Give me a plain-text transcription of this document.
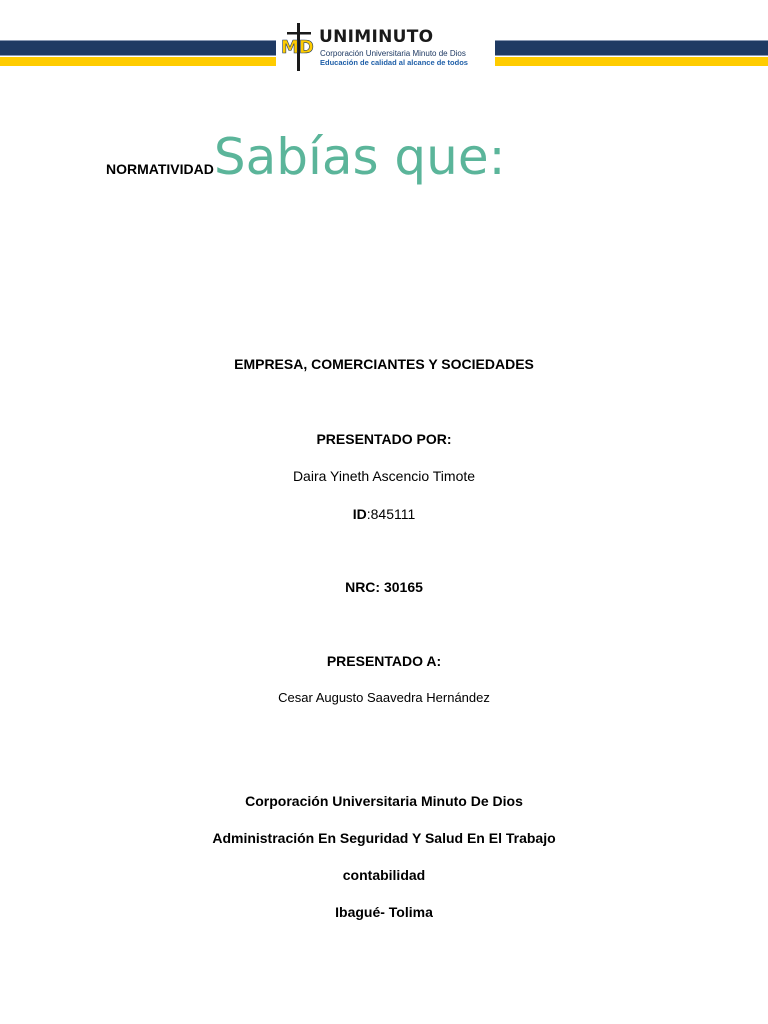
MD UNIMINUTO
Corporación Universitaria Minuto de Dios
Educación de calidad al alcance de todos
NORMATIVIDADSabías que:
EMPRESA, COMERCIANTES Y SOCIEDADES
PRESENTADO POR:
Daira Yineth Ascencio Timote
ID:845111
NRC: 30165
PRESENTADO A:
Cesar Augusto Saavedra Hernández
Corporación Universitaria Minuto De Dios
Administración En Seguridad Y Salud En El Trabajo
contabilidad
Ibagué- Tolima
